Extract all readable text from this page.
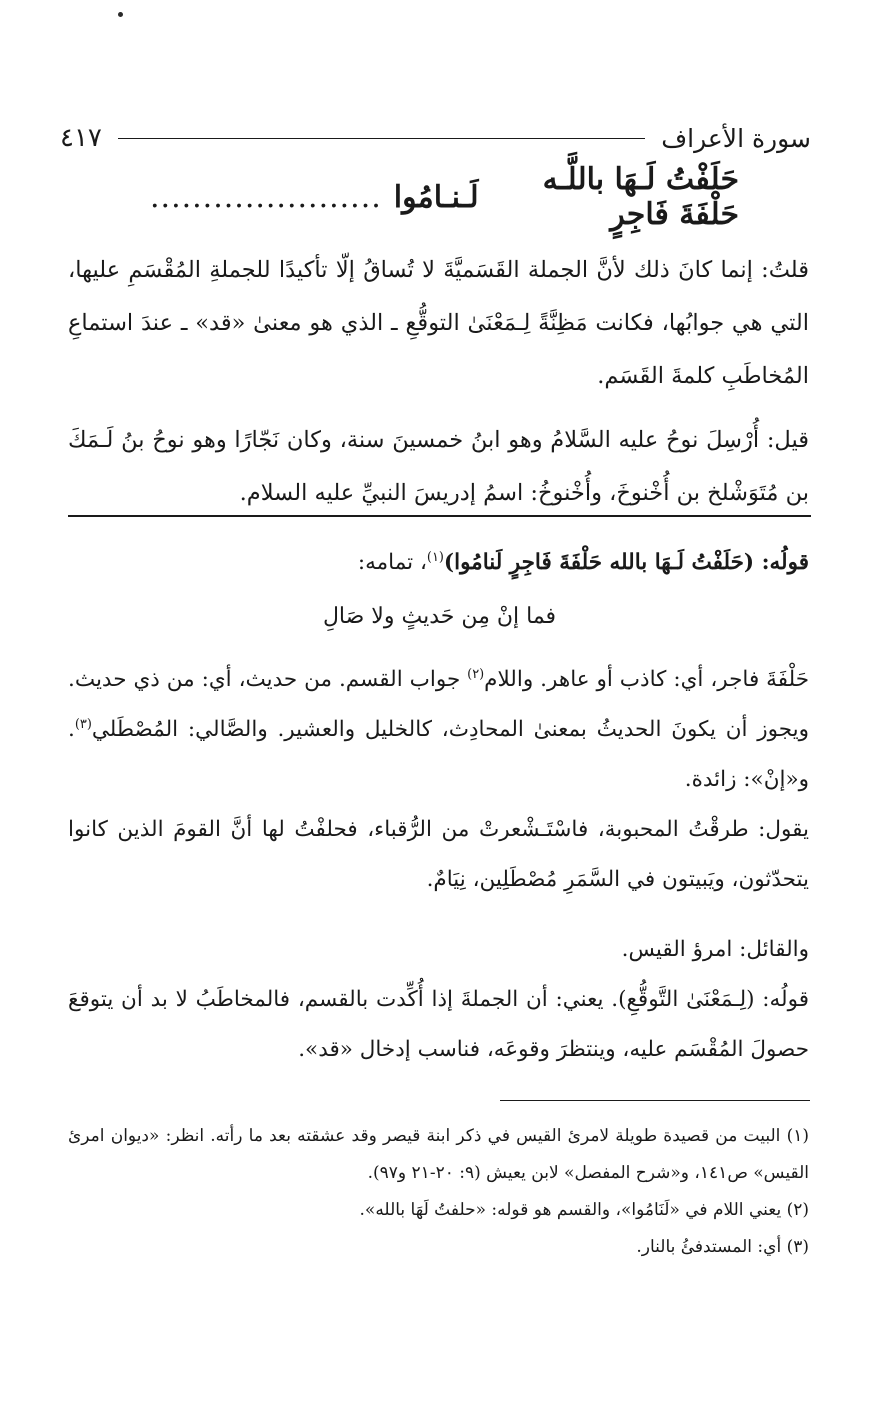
سورة الأعراف
٤١٧
حَلَفْتُ لَـهَا باللَّـه حَلْفَةَ فَاجِرٍ
لَـنـامُوا
......................

قلتُ: إنما كانَ ذلك لأنَّ الجملة القَسَميَّةَ لا تُساقُ إلّا تأكيدًا للجملةِ المُقْسَمِ عليها، التي هي جوابُها، فكانت مَظِنَّةً لِـمَعْنَىٰ التوقُّعِ ـ الذي هو معنىٰ «قد» ـ عندَ استماعِ المُخاطَبِ كلمةَ القَسَم.

قيل: أُرْسِلَ نوحُ عليه السَّلامُ وهو ابنُ خمسينَ سنة، وكان نَجّارًا وهو نوحُ بنُ لَـمَكَ بن مُتَوَشْلخ بن أُخْنوخَ، وأُخْنوخُ: اسمُ إدريسَ النبيِّ عليه السلام.

قولُه: (حَلَفْتُ لَـهَا بالله حَلْفَةَ فَاجِرٍ لَنامُوا)$^{(١)}$، تمامه:

فما إنْ مِن حَديثٍ ولا صَالِ

حَلْفَةَ فاجر، أي: كاذب أو عاهر. واللام$^{(٢)}$ جواب القسم. من حديث، أي: من ذي حديث. ويجوز أن يكونَ الحديثُ بمعنىٰ المحادِث، كالخليل والعشير. والصَّالي: المُصْطَلي$^{(٣)}$. و«إنْ»: زائدة.

يقول: طرقْتُ المحبوبة، فاسْتَـشْعرتْ من الرُّقباء، فحلفْتُ لها أنَّ القومَ الذين كانوا يتحدّثون، ويَبيتون في السَّمَرِ مُصْطَلِين، نِيَامٌ.

والقائل: امرؤ القيس.

قولُه: (لِـمَعْنَىٰ التَّوقُّعِ). يعني: أن الجملةَ إذا أُكِّدت بالقسم، فالمخاطَبُ لا بد أن يتوقعَ حصولَ المُقْسَم عليه، وينتظرَ وقوعَه، فناسب إدخال «قد».

(١) البيت من قصيدة طويلة لامرئ القيس في ذكر ابنة قيصر وقد عشقته بعد ما رأته. انظر: «ديوان امرئ القيس» ص١٤١، و«شرح المفصل» لابن يعيش (٩: ٢٠-٢١ و٩٧).

(٢) يعني اللام في «لَنَامُوا»، والقسم هو قوله: «حلفتُ لَهَا بالله».

(٣) أي: المستدفئُ بالنار.
